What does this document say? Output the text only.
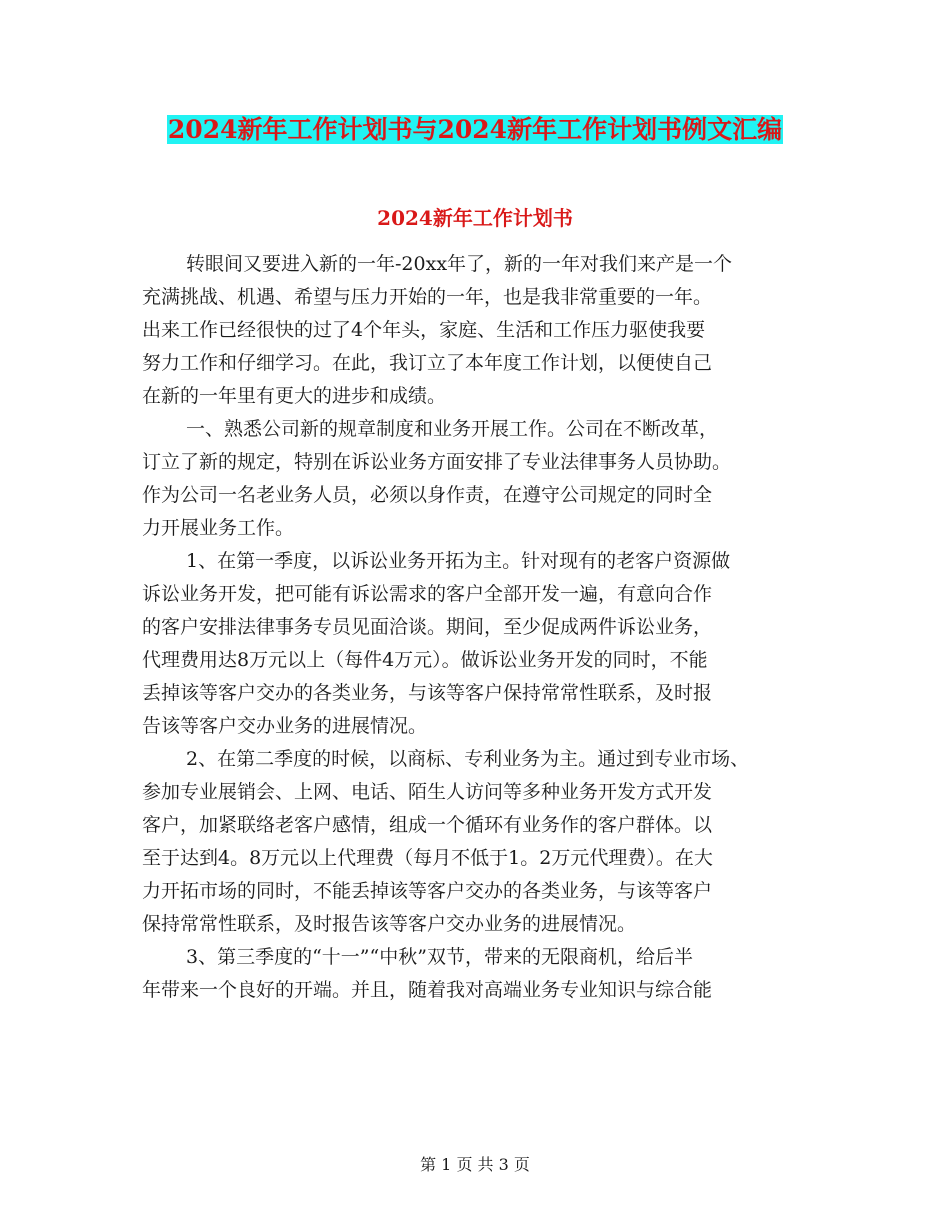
2024新年工作计划书与2024新年工作计划书例文汇编
2024新年工作计划书
转眼间又要进入新的一年-20xx年了，新的一年对我们来产是一个
充满挑战、机遇、希望与压力开始的一年，也是我非常重要的一年。
出来工作已经很快的过了4个年头，家庭、生活和工作压力驱使我要
努力工作和仔细学习。在此，我订立了本年度工作计划，以便使自己
在新的一年里有更大的进步和成绩。
一、熟悉公司新的规章制度和业务开展工作。公司在不断改革，
订立了新的规定，特别在诉讼业务方面安排了专业法律事务人员协助。
作为公司一名老业务人员，必须以身作责，在遵守公司规定的同时全
力开展业务工作。
1、在第一季度，以诉讼业务开拓为主。针对现有的老客户资源做
诉讼业务开发，把可能有诉讼需求的客户全部开发一遍，有意向合作
的客户安排法律事务专员见面洽谈。期间，至少促成两件诉讼业务，
代理费用达8万元以上（每件4万元）。做诉讼业务开发的同时，不能
丢掉该等客户交办的各类业务，与该等客户保持常常性联系，及时报
告该等客户交办业务的进展情况。
2、在第二季度的时候，以商标、专利业务为主。通过到专业市场、
参加专业展销会、上网、电话、陌生人访问等多种业务开发方式开发
客户，加紧联络老客户感情，组成一个循环有业务作的客户群体。以
至于达到4。8万元以上代理费（每月不低于1。2万元代理费）。在大
力开拓市场的同时，不能丢掉该等客户交办的各类业务，与该等客户
保持常常性联系，及时报告该等客户交办业务的进展情况。
3、第三季度的“十一”“中秋”双节，带来的无限商机，给后半
年带来一个良好的开端。并且，随着我对高端业务专业知识与综合能
第 1 页 共 3 页
